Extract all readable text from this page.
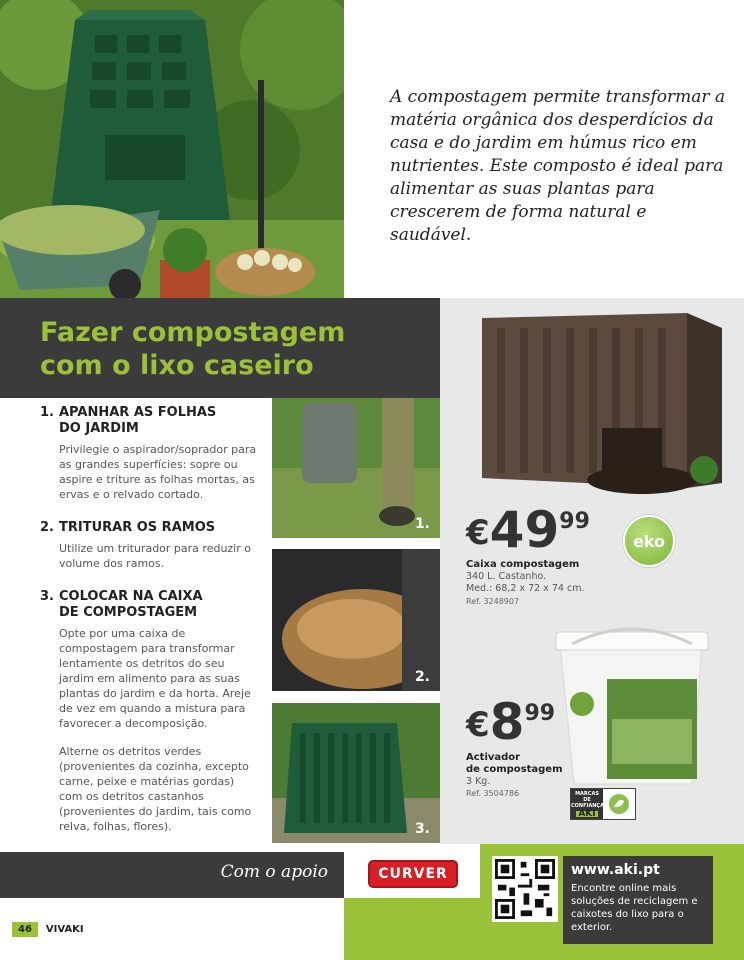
A compostagem permite transformar a matéria orgânica dos desperdícios da casa e do jardim em húmus rico em nutrientes. Este composto é ideal para alimentar as suas plantas para crescerem de forma natural e saudável.

Fazer compostagem
com o lixo caseiro
1. APANHAR AS FOLHAS
DO JARDIM

Privilegie o aspirador/soprador para as grandes superfícies: sopre ou aspire e triture as folhas mortas, as ervas e o relvado cortado.

2. TRITURAR OS RAMOS

Utilize um triturador para reduzir o volume dos ramos.

3. COLOCAR NA CAIXA
DE COMPOSTAGEM

Opte por uma caixa de compostagem para transformar lentamente os detritos do seu jardim em alimento para as suas plantas do jardim e da horta. Areje de vez em quando a mistura para favorecer a decomposição.

Alterne os detritos verdes (provenientes da cozinha, excepto carne, peixe e matérias gordas) com os detritos castanhos (provenientes do jardim, tais como relva, folhas, flores).

1.
2.
3.
€4999
eko
Caixa compostagem
340 L. Castanho.
Med.: 68,2 x 72 x 74 cm.
Ref. 3248907
€899
Activador
de compostagem
3 Kg.
Ref. 3504786	MARCAS
DE CONFIANÇA
AKI
Com o apoio	CURVER	www.aki.pt
Encontre online mais soluções de reciclagem e caixotes do lixo para o exterior.
46	VIVAKI
